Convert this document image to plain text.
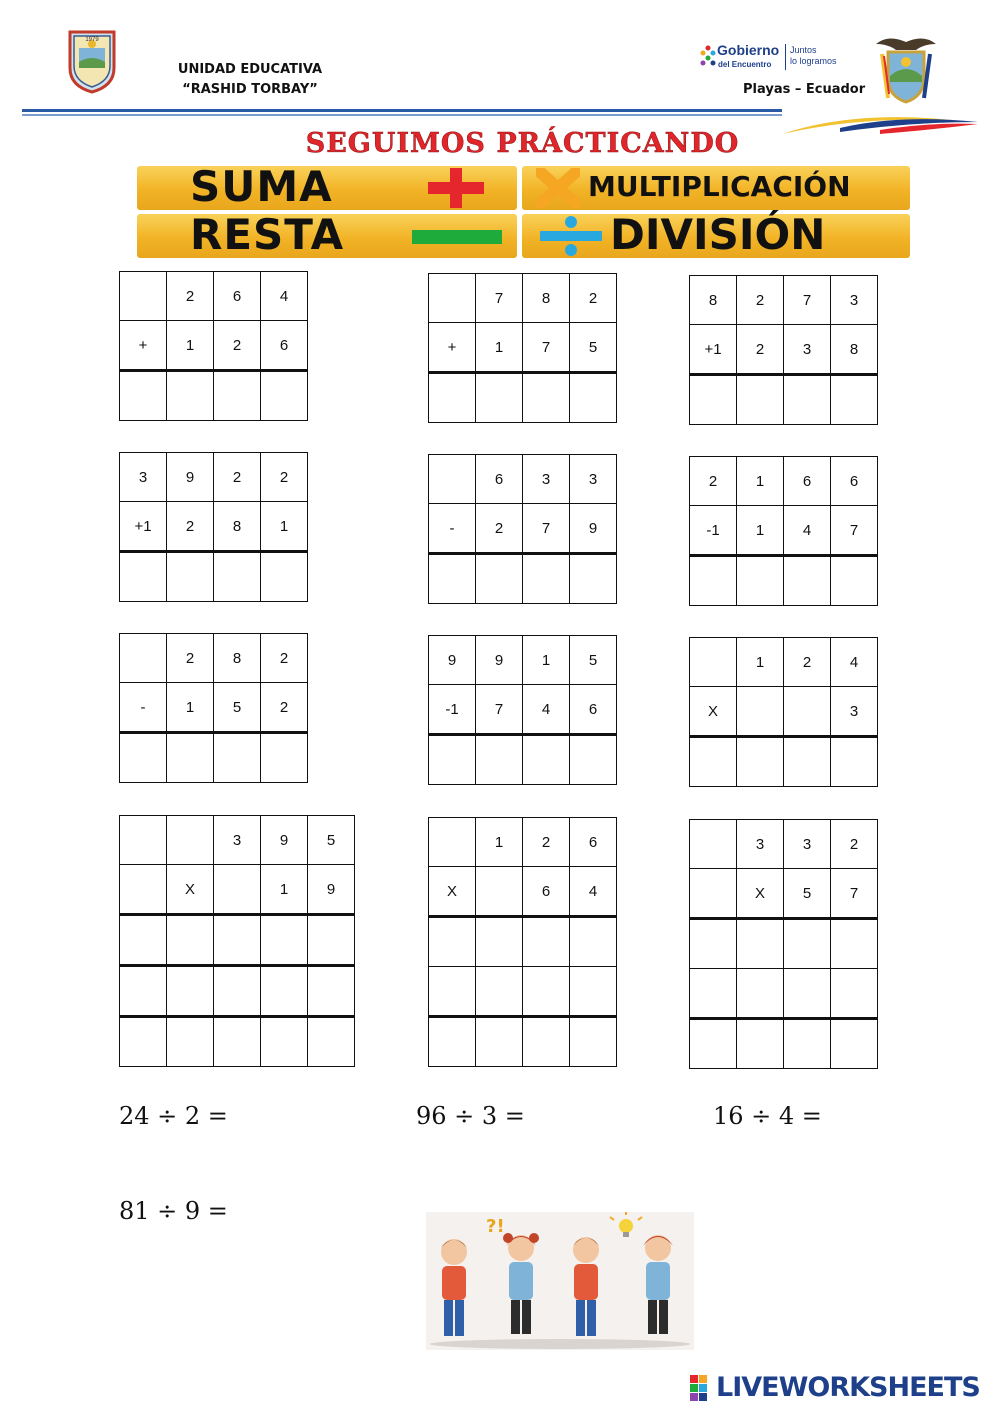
1979
UNIDAD EDUCATIVA
“RASHID TORBAY”
Gobierno
del Encuentro
Juntos
lo logramos
Playas – Ecuador
SEGUIMOS PRÁCTICANDO
SUMA	MULTIPLICACIÓN
RESTA	DIVISIÓN
	2	6	4
+	1	2	6

	7	8	2
+	1	7	5

8	2	7	3
+1	2	3	8

3	9	2	2
+1	2	8	1

	6	3	3
-	2	7	9

2	1	6	6
-1	1	4	7

	2	8	2
-	1	5	2

9	9	1	5
-1	7	4	6

	1	2	4
X			3

		3	9	5
	X		1	9

	1	2	6
X		6	4

	3	3	2
	X	5	7

24 ÷ 2 =	96 ÷ 3 =	16 ÷ 4 =
81 ÷ 9 =
?!
LIVEWORKSHEETS
